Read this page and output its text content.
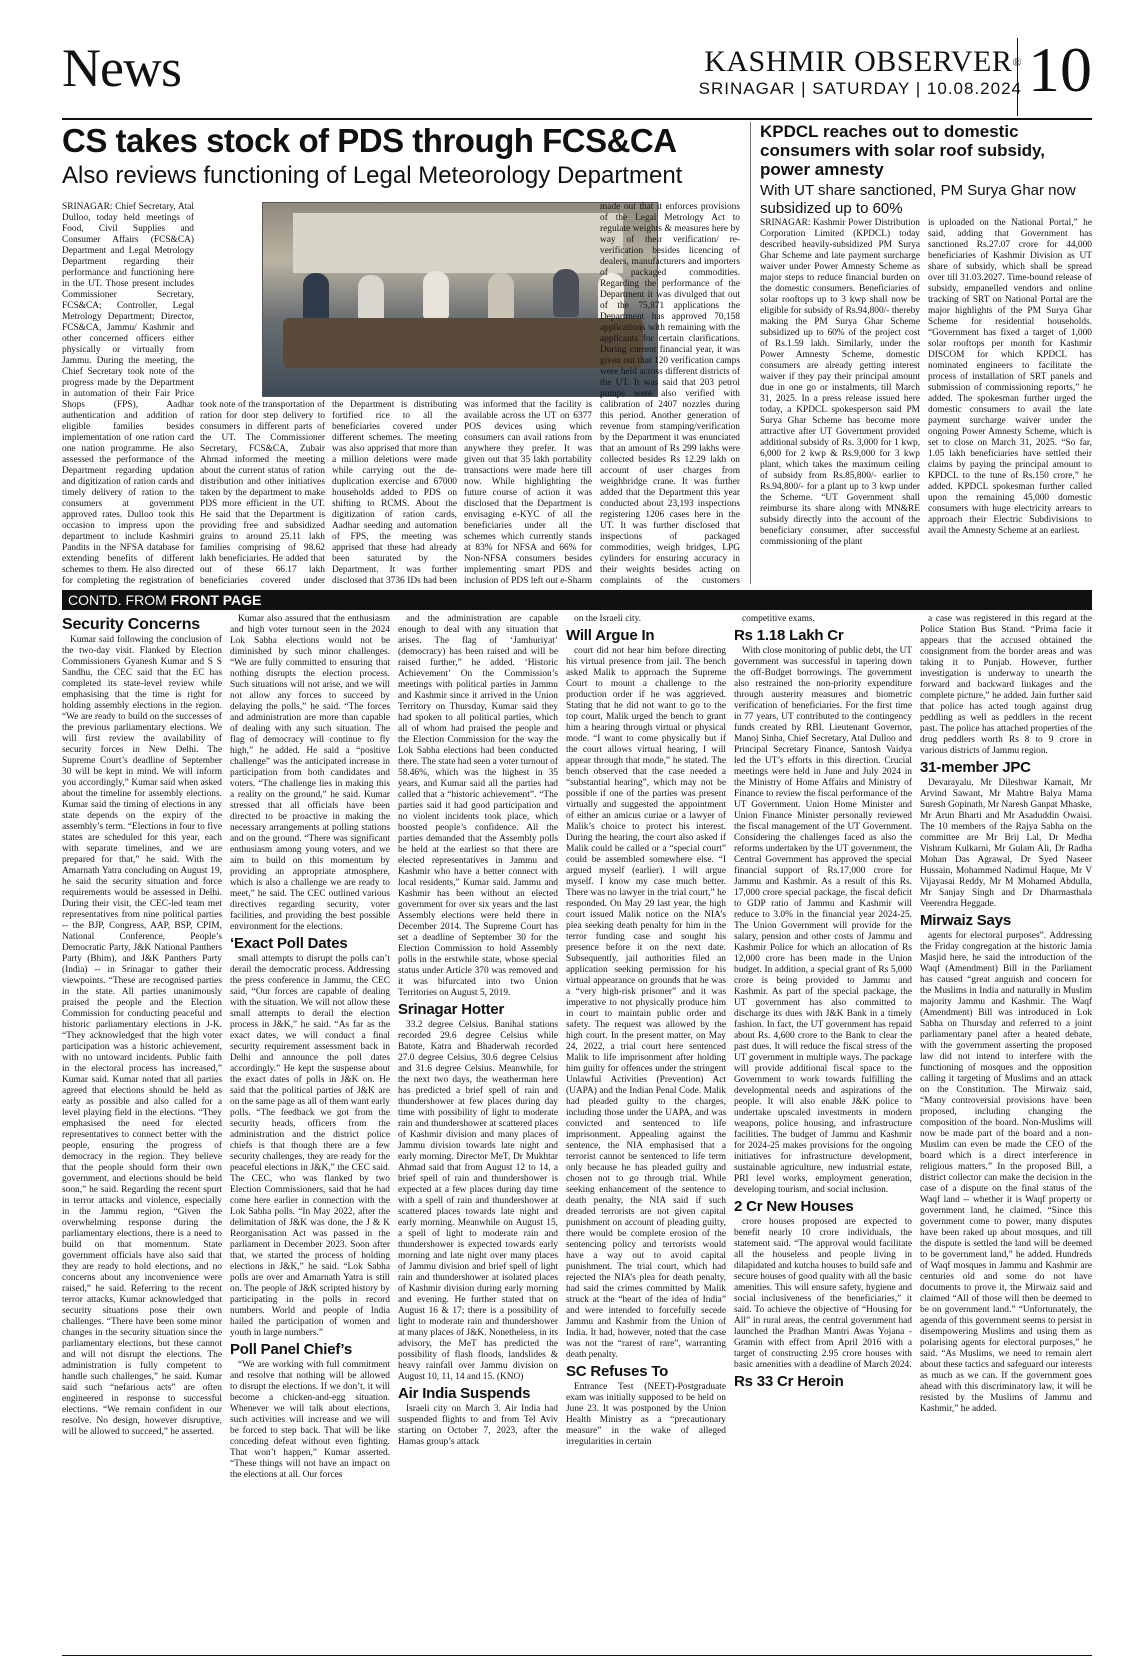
News	KASHMIR OBSERVER®
SRINAGAR | SATURDAY | 10.08.2024 10
CS takes stock of PDS through FCS&CA
Also reviews functioning of Legal Meteorology Department
SRINAGAR: Chief Secretary, Atal Dulloo, today held meetings of Food, Civil Supplies and Consumer Affairs (FCS&CA) Department and Legal Metrology Department regarding their performance and functioning here in the UT. Those present includes Commissioner Secretary, FCS&CA; Controller, Legal Metrology Department; Director, FCS&CA, Jammu/ Kashmir and other concerned officers either physically or virtually from Jammu. During the meeting, the Chief Secretary took note of the progress made by the Department in automation of their Fair Price Shops (FPS), Aadhar authentication and addition of eligible families besides implementation of one ration card one nation programme. He also assessed the performance of the Department regarding updation and digitization of ration cards and timely delivery of ration to the consumers at government approved rates. Dulloo took this occasion to impress upon the department to include Kashmiri Pandits in the NFSA database for extending benefits of different schemes to them. He also directed for completing the registration of
took note of the transportation of ration for door step delivery to consumers in different parts of the UT. The Commissioner Secretary, FCS&CA, Zubair Ahmad informed the meeting about the current status of ration distribution and other initiatives taken by the department to make PDS more efficient in the UT. He said that the Department is providing free and subsidized grains to around 25.11 lakh families comprising of 98.62 lakh beneficiaries. He added that out of these 66.17 lakh beneficiaries covered under
the Department is distributing fortified rice to all the beneficiaries covered under different schemes. The meeting was also apprised that more than a million deletions were made while carrying out the de-duplication exercise and 67000 households added to PDS on shifting to RCMS. About the digitization of ration cards, Aadhar seeding and automation of FPS, the meeting was apprised that these had already been saturated by the Department. It was further disclosed that 3736 IDs had been
was informed that the facility is available across the UT on 6377 POS devices using which consumers can avail rations from anywhere they prefer. It was given out that 35 lakh portability transactions were made here till now. While highlighting the future course of action it was disclosed that the Department is envisaging e-KYC of all the beneficiaries under all the schemes which currently stands at 83% for NFSA and 66% for Non-NFSA consumers besides implementing smart PDS and inclusion of PDS left out e-Sharm
made out that it enforces provisions of the Legal Metrology Act to regulate weights & measures here by way of their verification/ re-verification besides licencing of dealers, manufacturers and importers of packaged commodities. Regarding the performance of the Department it was divulged that out of the 75,871 applications the Department has approved 70,158 applications with remaining with the applicants for certain clarifications. During current financial year, it was given out that 120 verification camps were held across different districts of the UT. It was said that 203 petrol pumps were also verified with calibration of 2407 nozzles during this period. Another generation of revenue from stamping/verification by the Department it was enunciated that an amount of Rs 299 lakhs were collected besides Rs 12.29 lakh on account of user charges from weighbridge crane. It was further added that the Department this year conducted about 23,193 inspections registering 1206 cases here in the UT. It was further disclosed that inspections of packaged commodities, weigh bridges, LPG cylinders for ensuring accuracy in their weights besides acting on complaints of the customers
KPDCL reaches out to domestic consumers with solar roof subsidy, power amnesty
With UT share sanctioned, PM Surya Ghar now subsidized up to 60%
SRINAGAR: Kashmir Power Distribution Corporation Limited (KPDCL) today described heavily-subsidized PM Surya Ghar Scheme and late payment surcharge waiver under Power Amnesty Scheme as major steps to reduce financial burden on the domestic consumers. Beneficiaries of solar rooftops up to 3 kwp shall now be eligible for subsidy of Rs.94,800/- thereby making the PM Surya Ghar Scheme subsidized up to 60% of the project cost of Rs.1.59 lakh. Similarly, under the Power Amnesty Scheme, domestic consumers are already getting interest waiver if they pay their principal amount due in one go or instalments, till March 31, 2025. In a press release issued here today, a KPDCL spokesperson said PM Surya Ghar Scheme has become more attractive after UT Government provided additional subsidy of Rs. 3,000 for 1 kwp, 6,000 for 2 kwp & Rs.9,000 for 3 kwp plant, which takes the maximum ceiling of subsidy from Rs.85,800/- earlier to Rs.94,800/- for a plant up to 3 kwp under the Scheme. “UT Government shall reimburse its share along with MN&RE subsidy directly into the account of the beneficiary consumer, after successful commissioning of the plant
is uploaded on the National Portal,” he said, adding that Government has sanctioned Rs.27.07 crore for 44,000 beneficiaries of Kashmir Division as UT share of subsidy, which shall be spread over till 31.03.2027. Time-bound release of subsidy, empanelled vendors and online tracking of SRT on National Portal are the major highlights of the PM Surya Ghar Scheme for residential households. “Government has fixed a target of 1,000 solar rooftops per month for Kashmir DISCOM for which KPDCL has nominated engineers to facilitate the process of installation of SRT panels and submission of commissioning reports,” he added. The spokesman further urged the domestic consumers to avail the late payment surcharge waiver under the ongoing Power Amnesty Scheme, which is set to close on March 31, 2025. “So far, 1.05 lakh beneficiaries have settled their claims by paying the principal amount to KPDCL to the tune of Rs.150 crore,” he added. KPDCL spokesman further called upon the remaining 45,000 domestic consumers with huge electricity arrears to approach their Electric Subdivisions to avail the Amnesty Scheme at an earliest.
CONTD. FROM FRONT PAGE
Security Concerns

Kumar said following the conclusion of the two-day visit. Flanked by Election Commissioners Gyanesh Kumar and S S Sandhu, the CEC said that the EC has completed its state-level review while emphasising that the time is right for holding assembly elections in the region. “We are ready to build on the successes of the previous parliamentary elections. We will first review the availability of security forces in New Delhi. The Supreme Court’s deadline of September 30 will be kept in mind. We will inform you accordingly,” Kumar said when asked about the timeline for assembly elections. Kumar said the timing of elections in any state depends on the expiry of the assembly’s term. “Elections in four to five states are scheduled for this year, each with separate timelines, and we are prepared for that,” he said. With the Amarnath Yatra concluding on August 19, he said the security situation and force requirements would be assessed in Delhi. During their visit, the CEC-led team met representatives from nine political parties -- the BJP, Congress, AAP, BSP, CPIM, National Conference, People’s Democratic Party, J&K National Panthers Party (Bhim), and J&K Panthers Party (India) -- in Srinagar to gather their viewpoints. “These are recognised parties in the state. All parties unanimously praised the people and the Election Commission for conducting peaceful and historic parliamentary elections in J-K. “They acknowledged that the high voter participation was a historic achievement, with no untoward incidents. Public faith in the electoral process has increased,” Kumar said. Kumar noted that all parties agreed that elections should be held as early as possible and also called for a level playing field in the elections. “They emphasised the need for elected representatives to connect better with the people, ensuring the progress of democracy in the region. They believe that the people should form their own government, and elections should be held soon,” he said. Regarding the recent spurt in terror attacks and violence, especially in the Jammu region, “Given the overwhelming response during the parliamentary elections, there is a need to build on that momentum. State government officials have also said that they are ready to hold elections, and no concerns about any inconvenience were raised,” he said. Referring to the recent terror attacks, Kumar acknowledged that security situations pose their own challenges. “There have been some minor changes in the security situation since the parliamentary elections, but these cannot and will not disrupt the elections. The administration is fully competent to handle such challenges,” he said. Kumar said such “nefarious acts” are often engineered in response to successful elections. “We remain confident in our resolve. No design, however disruptive, will be allowed to succeed,” he asserted.

Kumar also assured that the enthusiasm and high voter turnout seen in the 2024 Lok Sabha elections would not be diminished by such minor challenges. “We are fully committed to ensuring that nothing disrupts the election process. Such situations will not arise, and we will not allow any forces to succeed by delaying the polls,” he said. “The forces and administration are more than capable of dealing with any such situation. The flag of democracy will continue to fly high,” he added. He said a “positive challenge” was the anticipated increase in participation from both candidates and voters. “The challenge lies in making this a reality on the ground,” he said. Kumar stressed that all officials have been directed to be proactive in making the necessary arrangements at polling stations and on the ground. “There was significant enthusiasm among young voters, and we aim to build on this momentum by providing an appropriate atmosphere, which is also a challenge we are ready to meet,” he said. The CEC outlined various directives regarding security, voter facilities, and providing the best possible environment for the elections.

‘Exact Poll Dates

small attempts to disrupt the polls can’t derail the democratic process. Addressing the press conference in Jammu, the CEC said, “Our forces are capable of dealing with the situation. We will not allow these small attempts to derail the election process in J&K,” he said. “As far as the exact dates, we will conduct a final security requirement assessment back in Delhi and announce the poll dates accordingly.” He kept the suspense about the exact dates of polls in J&K on. He said that the political parties of J&K are on the same page as all of them want early polls. “The feedback we got from the security heads, officers from the administration and the district police chiefs is that though there are a few security challenges, they are ready for the peaceful elections in J&K,” the CEC said. The CEC, who was flanked by two Election Commissioners, said that he had come here earlier in connection with the Lok Sabha polls. “In May 2022, after the delimitation of J&K was done, the J & K Reorganisation Act was passed in the parliament in December 2023. Soon after that, we started the process of holding elections in J&K,” he said. “Lok Sabha polls are over and Amarnath Yatra is still on. The people of J&K scripted history by participating in the polls in record numbers. World and people of India hailed the participation of women and youth in large numbers.”

Poll Panel Chief’s

“We are working with full commitment and resolve that nothing will be allowed to disrupt the elections. If we don’t, it will become a chicken-and-egg situation. Whenever we will talk about elections, such activities will increase and we will be forced to step back. That will be like conceding defeat without even fighting. That won’t happen,” Kumar asserted. “These things will not have an impact on the elections at all. Our forces

and the administration are capable enough to deal with any situation that arises. The flag of ‘Jamhuriyat’ (democracy) has been raised and will be raised further,” he added. ‘Historic Achievement’ On the Commission’s meetings with political parties in Jammu and Kashmir since it arrived in the Union Territory on Thursday, Kumar said they had spoken to all political parties, which all of whom had praised the people and the Election Commission for the way the Lok Sabha elections had been conducted there. The state had seen a voter turnout of 58.46%, which was the highest in 35 years, and Kumar said all the parties had called that a “historic achievement”. “The parties said it had good participation and no violent incidents took place, which boosted people’s confidence. All the parties demanded that the Assembly polls be held at the earliest so that there are elected representatives in Jammu and Kashmir who have a better connect with local residents,” Kumar said. Jammu and Kashmir has been without an elected government for over six years and the last Assembly elections were held there in December 2014. The Supreme Court has set a deadline of September 30 for the Election Commission to hold Assembly polls in the erstwhile state, whose special status under Article 370 was removed and it was bifurcated into two Union Territories on August 5, 2019.

Srinagar Hotter

33.2 degree Celsius. Banihal stations recorded 29.6 degree Celsius while Batote, Katra and Bhaderwah recorded 27.0 degree Celsius, 30.6 degree Celsius and 31.6 degree Celsius. Meanwhile, for the next two days, the weatherman here has predicted a brief spell of rain and thundershower at few places during day time with possibility of light to moderate rain and thundershower at scattered places of Kashmir division and many places of Jammu division towards late night and early morning. Director MeT, Dr Mukhtar Ahmad said that from August 12 to 14, a brief spell of rain and thundershower is expected at a few places during day time with a spell of rain and thundershower at scattered places towards late night and early morning. Meanwhile on August 15, a spell of light to moderate rain and thundershower is expected towards early morning and late night over many places of Jammu division and brief spell of light rain and thundershower at isolated places of Kashmir division during early morning and evening. He further stated that on August 16 & 17; there is a possibility of light to moderate rain and thundershower at many places of J&K. Nonetheless, in its advisory, the MeT has predicted the possibility of flash floods, landslides & heavy rainfall over Jammu division on August 10, 11, 14 and 15. (KNO)

Air India Suspends

Israeli city on March 3. Air India had suspended flights to and from Tel Aviv starting on October 7, 2023, after the Hamas group’s attack

on the Israeli city.

Will Argue In

court did not hear him before directing his virtual presence from jail. The bench asked Malik to approach the Supreme Court to mount a challenge to the production order if he was aggrieved. Stating that he did not want to go to the top court, Malik urged the bench to grant him a hearing through virtual or physical mode. “I want to come physically but if the court allows virtual hearing, I will appear through that mode,” he stated. The bench observed that the case needed a “substantial hearing”, which may not be possible if one of the parties was present virtually and suggested the appointment of either an amicus curiae or a lawyer of Malik’s choice to protect his interest. During the hearing, the court also asked if Malik could be called or a “special court” could be assembled somewhere else. “I argued myself (earlier). I will argue myself. I know my case much better. There was no lawyer in the trial court,” he responded. On May 29 last year, the high court issued Malik notice on the NIA’s plea seeking death penalty for him in the terror funding case and sought his presence before it on the next date. Subsequently, jail authorities filed an application seeking permission for his virtual appearance on grounds that he was a “very high-risk prisoner” and it was imperative to not physically produce him in court to maintain public order and safety. The request was allowed by the high court. In the present matter, on May 24, 2022, a trial court here sentenced Malik to life imprisonment after holding him guilty for offences under the stringent Unlawful Activities (Prevention) Act (UAPA) and the Indian Penal Code. Malik had pleaded guilty to the charges, including those under the UAPA, and was convicted and sentenced to life imprisonment. Appealing against the sentence, the NIA emphasised that a terrorist cannot be sentenced to life term only because he has pleaded guilty and chosen not to go through trial. While seeking enhancement of the sentence to death penalty, the NIA said if such dreaded terrorists are not given capital punishment on account of pleading guilty, there would be complete erosion of the sentencing policy and terrorists would have a way out to avoid capital punishment. The trial court, which had rejected the NIA’s plea for death penalty, had said the crimes committed by Malik struck at the “heart of the idea of India” and were intended to forcefully secede Jammu and Kashmir from the Union of India. It had, however, noted that the case was not the “rarest of rare”, warranting death penalty.

SC Refuses To

Entrance Test (NEET)-Postgraduate exam was initially supposed to be held on June 23. It was postponed by the Union Health Ministry as a “precautionary measure” in the wake of alleged irregularities in certain

competitive exams.

Rs 1.18 Lakh Cr

With close monitoring of public debt, the UT government was successful in tapering down the off-Budget borrowings. The government also restrained the non-priority expenditure through austerity measures and biometric verification of beneficiaries. For the first time in 77 years, UT contributed to the contingency funds created by RBI. Lieutenant Governor, Manoj Sinha, Chief Secretary, Atal Dulloo and Principal Secretary Finance, Santosh Vaidya led the UT’s efforts in this direction. Crucial meetings were held in June and July 2024 in the Ministry of Home Affairs and Ministry of Finance to review the fiscal performance of the UT Government. Union Home Minister and Union Finance Minister personally reviewed the fiscal management of the UT Government. Considering the challenges faced as also the reforms undertaken by the UT government, the Central Government has approved the special financial support of Rs.17,000 crore for Jammu and Kashmir. As a result of this Rs. 17,000 crore special package, the fiscal deficit to GDP ratio of Jammu and Kashmir will reduce to 3.0% in the financial year 2024-25. The Union Government will provide for the salary, pension and other costs of Jammu and Kashmir Police for which an allocation of Rs 12,000 crore has been made in the Union budget. In addition, a special grant of Rs 5,000 crore is being provided to Jammu and Kashmir. As part of the special package, the UT government has also committed to discharge its dues with J&K Bank in a timely fashion. In fact, the UT government has repaid about Rs. 4,600 crore to the Bank to clear the past dues. It will reduce the fiscal stress of the UT government in multiple ways. The package will provide additional fiscal space to the Government to work towards fulfilling the developmental needs and aspirations of the people. It will also enable J&K police to undertake upscaled investments in modern weapons, police housing, and infrastructure facilities. The budget of Jammu and Kashmir for 2024-25 makes provisions for the ongoing initiatives for infrastructure development, sustainable agriculture, new industrial estate, PRI level works, employment generation, developing tourism, and social inclusion.

2 Cr New Houses

crore houses proposed are expected to benefit nearly 10 crore individuals, the statement said. “The approval would facilitate all the houseless and people living in dilapidated and kutcha houses to build safe and secure houses of good quality with all the basic amenities. This will ensure safety, hygiene and social inclusiveness of the beneficiaries,” it said. To achieve the objective of “Housing for All” in rural areas, the central government had launched the Pradhan Mantri Awas Yojana -Gramin with effect from April 2016 with a target of constructing 2.95 crore houses with basic amenities with a deadline of March 2024.

Rs 33 Cr Heroin

a case was registered in this regard at the Police Station Bus Stand. “Prima facie it appears that the accused obtained the consignment from the border areas and was taking it to Punjab. However, further investigation is underway to unearth the forward and backward linkages and the complete picture,” he added. Jain further said that police has acted tough against drug peddling as well as peddlers in the recent past. The police has attached properties of the drug peddlers worth Rs 8 to 9 crore in various districts of Jammu region.

31-member JPC

Devarayalu, Mr Dileshwar Kamait, Mr Arvind Sawant, Mr Mahtre Balya Mama Suresh Gopinath, Mr Naresh Ganpat Mhaske, Mr Arun Bharti and Mr Asaduddin Owaisi. The 10 members of the Rajya Sabha on the committee are Mr Brij Lal, Dr Medha Vishram Kulkarni, Mr Gulam Ali, Dr Radha Mohan Das Agrawal, Dr Syed Naseer Hussain, Mohammed Nadimul Haque, Mr V Vijayasai Reddy, Mr M Mohamed Abdulla, Mr Sanjay Singh and Dr Dharmasthala Veerendra Heggade.

Mirwaiz Says

agents for electoral purposes”. Addressing the Friday congregation at the historic Jamia Masjid here, he said the introduction of the Waqf (Amendment) Bill in the Parliament has caused “great anguish and concern for the Muslims in India and naturally in Muslim majority Jammu and Kashmir. The Waqf (Amendment) Bill was introduced in Lok Sabha on Thursday and referred to a joint parliamentary panel after a heated debate, with the government asserting the proposed law did not intend to interfere with the functioning of mosques and the opposition calling it targeting of Muslims and an attack on the Constitution. The Mirwaiz said, “Many controversial provisions have been proposed, including changing the composition of the board. Non-Muslims will now be made part of the board and a non-Muslim can even be made the CEO of the board which is a direct interference in religious matters.” In the proposed Bill, a district collector can make the decision in the case of a dispute on the final status of the Waqf land -- whether it is Waqf property or government land, he claimed. “Since this government come to power, many disputes have been raked up about mosques, and till the dispute is settled the land will be deemed to be government land,” he added. Hundreds of Waqf mosques in Jammu and Kashmir are centuries old and some do not have documents to prove it, the Mirwaiz said and claimed “All of those will then be deemed to be on government land.” “Unfortunately, the agenda of this government seems to persist in disempowering Muslims and using them as polarising agents for electoral purposes,” he said. “As Muslims, we need to remain alert about these tactics and safeguard our interests as much as we can. If the government goes ahead with this discriminatory law, it will be resisted by the Muslims of Jammu and Kashmir,” he added.
